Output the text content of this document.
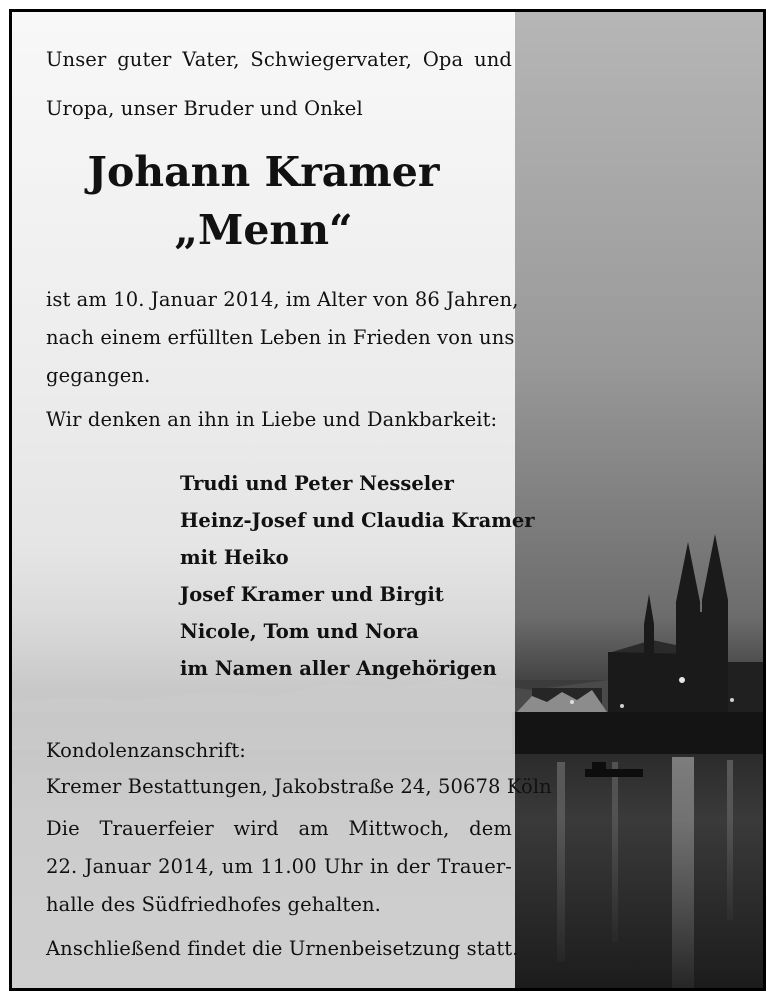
Unser guter Vater, Schwiegervater, Opa und

Uropa, unser Bruder und Onkel

Johann Kramer
„Menn“

ist am 10. Januar 2014, im Alter von 86 Jahren,

nach einem erfüllten Leben in Frieden von uns

gegangen.

Wir denken an ihn in Liebe und Dankbarkeit:

Trudi und Peter Nesseler
Heinz-Josef und Claudia Kramer
mit Heiko
Josef Kramer und Birgit
Nicole, Tom und Nora
im Namen aller Angehörigen

Kondolenzanschrift:

Kremer Bestattungen, Jakobstraße 24, 50678 Köln

Die Trauerfeier wird am Mittwoch, dem

22. Januar 2014, um 11.00 Uhr in der Trauer-

halle des Südfriedhofes gehalten.

Anschließend findet die Urnenbeisetzung statt.
